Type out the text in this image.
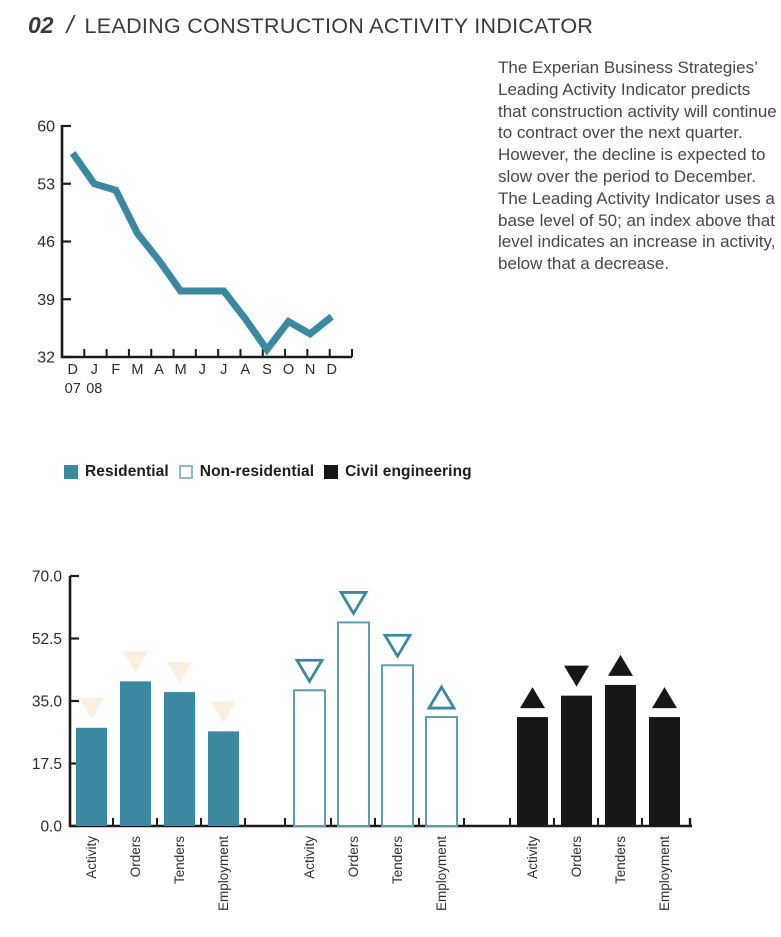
02 / LEADING CONSTRUCTION ACTIVITY INDICATOR

The Experian Business Strategies’ Leading Activity Indicator predicts that construction activity will continue to contract over the next quarter. However, the decline is expected to slow over the period to December. The Leading Activity Indicator uses a base level of 50; an index above that level indicates an increase in activity, below that a decrease.

60
53
46
39
32
D J F M A M J J A S O N D
07 08
Residential Non-residential Civil engineering
70.0
52.5
35.0
17.5
0.0
Activity Orders Tenders Employment	Activity Orders Tenders Employment	Activity Orders Tenders Employment
